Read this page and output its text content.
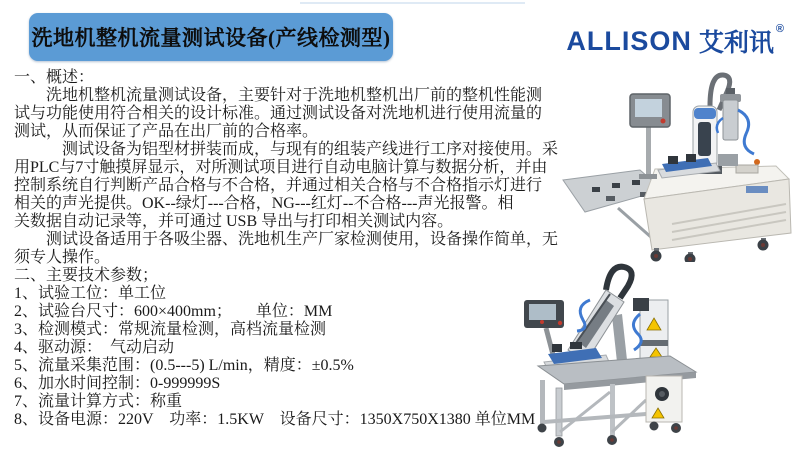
洗地机整机流量测试设备(产线检测型)	ALLISON 艾利讯 ®
一、概述：
　　洗地机整机流量测试设备，主要针对于洗地机整机出厂前的整机性能测
试与功能使用符合相关的设计标准。通过测试设备对洗地机进行使用流量的
测试，从而保证了产品在出厂前的合格率。
　　　测试设备为铝型材拼装而成，与现有的组装产线进行工序对接使用。采
用PLC与7寸触摸屏显示，对所测试项目进行自动电脑计算与数据分析，并由
控制系统自行判断产品合格与不合格，并通过相关合格与不合格指示灯进行
相关的声光提供。OK--绿灯---合格，NG---红灯--不合格---声光报警。相
关数据自动记录等，并可通过 USB 导出与打印相关测试内容。
　　测试设备适用于各吸尘器、洗地机生产厂家检测使用，设备操作简单，无
须专人操作。
二、主要技术参数；
1、试验工位：单工位
2、试验台尺寸：600×400mm；　　单位：MM
3、检测模式：常规流量检测，高档流量检测
4、驱动源：　气动启动
5、流量采集范围：(0.5---5) L/min，精度：±0.5%
6、加水时间控制：0-999999S
7、流量计算方式：称重
8、设备电源：220V　功率：1.5KW　设备尺寸：1350X750X1380 单位MM
